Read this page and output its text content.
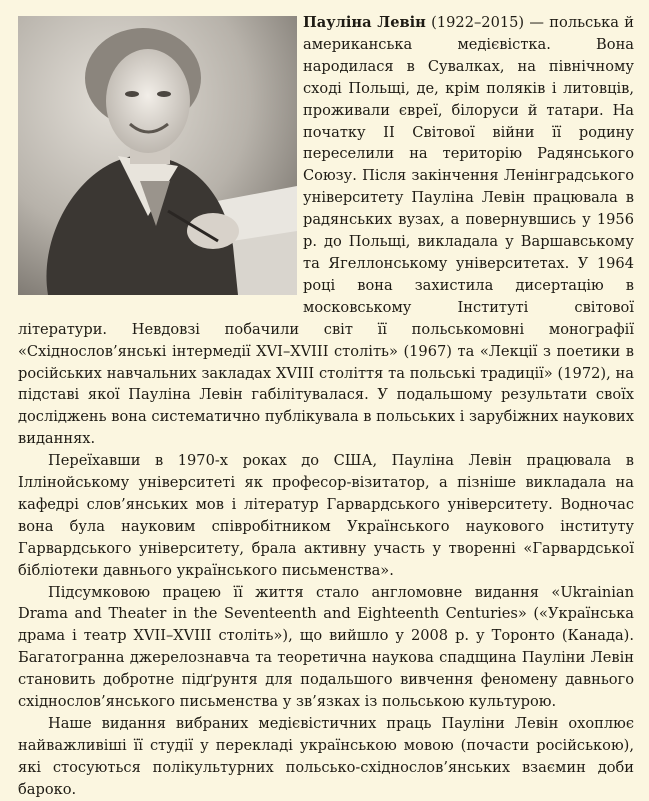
Пауліна Левін (1922–2015) — польська й американська медієвістка. Вона народилася в Сувалках, на північному сході Польщі, де, крім поляків і литовців, проживали євреї, білоруси й татари. На початку ІІ Світової війни її родину переселили на територію Радянського Союзу. Після закінчення Ленінградського університету Пауліна Левін працювала в радянських вузах, а повернувшись у 1956 р. до Польщі, викладала у Варшавському та Ягеллонському університетах. У 1964 році вона захистила дисертацію в московському Інституті світової літератури. Невдовзі побачили світ її польськомовні монографії «Східнослов’янські інтермедії XVI–XVIII століть» (1967) та «Лекції з поетики в російських навчальних закладах XVIII століття та польські традиції» (1972), на підставі якої Пауліна Левін габілітувалася. У подальшому результати своїх досліджень вона систематично публікувала в польських і зарубіжних наукових виданнях.

Переїхавши в 1970-х роках до США, Пауліна Левін працювала в Іллінойському університеті як професор-візитатор, а пізніше викладала на кафедрі слов’янських мов і літератур Гарвардського університету. Водночас вона була науковим співробітником Українського наукового інституту Гарвардського університету, брала активну участь у творенні «Гарвардської бібліотеки давнього українського письменства».

Підсумковою працею її життя стало англомовне видання «Ukrainian Drama and Theater in the Seventeenth and Eighteenth Centuries» («Українська драма і театр XVII–XVIII століть»), що вийшло у 2008 р. у Торонто (Канада). Багатогранна джерелознавча та теоретична наукова спадщина Пауліни Левін становить добротне підґрунтя для подальшого вивчення феномену давнього східнослов’янського письменства у зв’язках із польською культурою.

Наше видання вибраних медієвістичних праць Пауліни Левін охоплює найважливіші її студії у перекладі українською мовою (почасти російською), які стосуються полікультурних польсько-східнослов’янських взаємин доби бароко.
